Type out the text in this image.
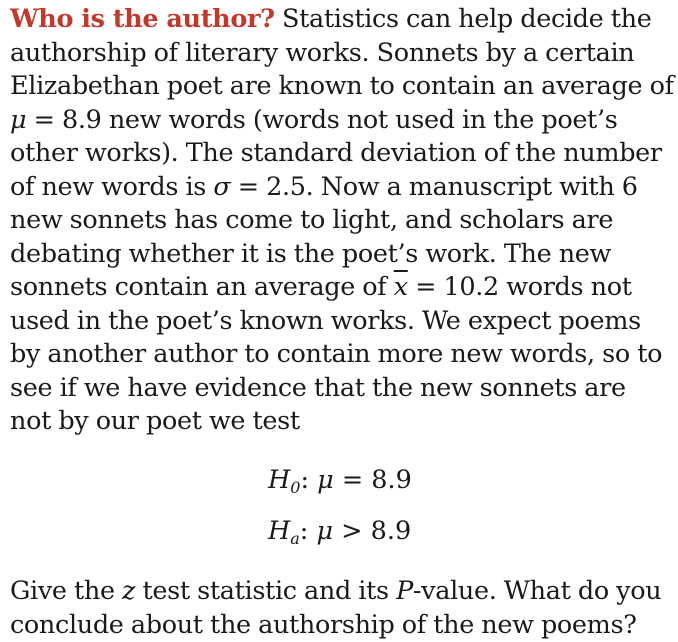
Who is the author? Statistics can help decide the authorship of literary works. Sonnets by a certain Elizabethan poet are known to contain an average of μ = 8.9 new words (words not used in the poet’s other works). The standard deviation of the number of new words is σ = 2.5. Now a manuscript with 6 new sonnets has come to light, and scholars are debating whether it is the poet’s work. The new sonnets contain an average of $\overline{x} = 10.2$ words not used in the poet’s known works. We expect poems by another author to contain more new words, so to see if we have evidence that the new sonnets are not by our poet we test
$H_0$: μ = 8.9
$H_a$: μ > 8.9
Give the z test statistic and its P-value. What do you conclude about the authorship of the new poems?
